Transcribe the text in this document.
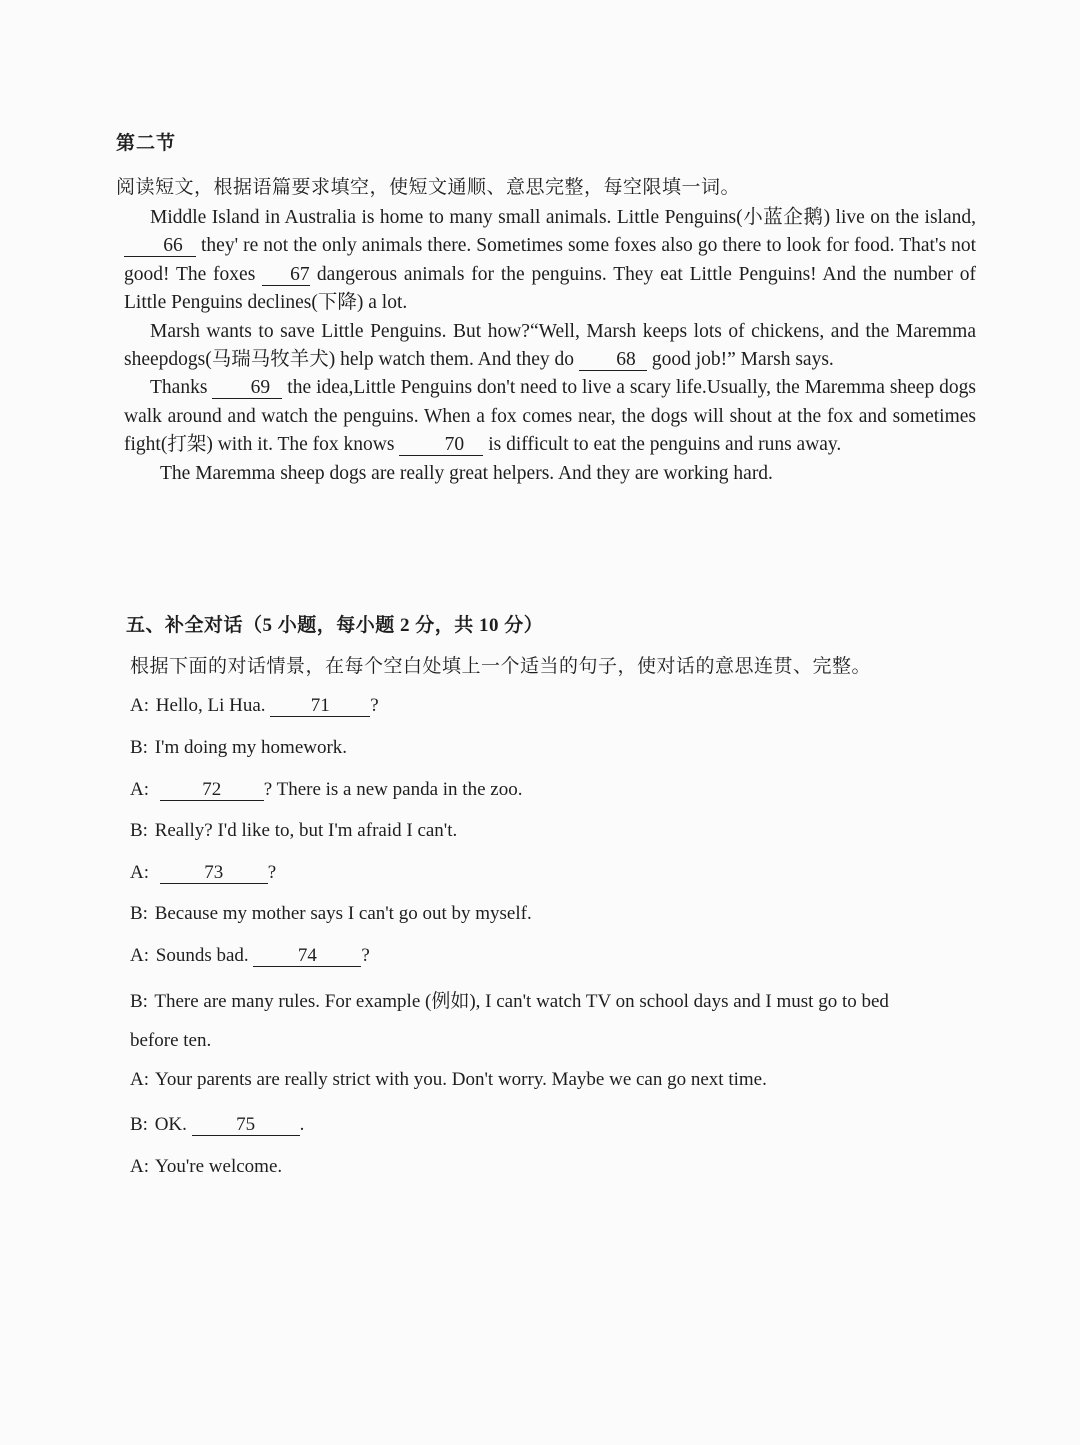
第二节
阅读短文，根据语篇要求填空，使短文通顺、意思完整，每空限填一词。

Middle Island in Australia is home to many small animals. Little Penguins(小蓝企鹅) live on the island, 66 they' re not the only animals there. Sometimes some foxes also go there to look for food. That's not good! The foxes 67 dangerous animals for the penguins. They eat Little Penguins! And the number of Little Penguins declines(下降) a lot.

Marsh wants to save Little Penguins. But how?“Well, Marsh keeps lots of chickens, and the Maremma sheepdogs(马瑞马牧羊犬) help watch them. And they do 68 good job!” Marsh says.

Thanks 69 the idea,Little Penguins don't need to live a scary life.Usually, the Maremma sheep dogs walk around and watch the penguins. When a fox comes near, the dogs will shout at the fox and sometimes fight(打架) with it. The fox knows 70 is difficult to eat the penguins and runs away.

The Maremma sheep dogs are really great helpers. And they are working hard.

五、补全对话（5 小题，每小题 2 分，共 10 分）
根据下面的对话情景，在每个空白处填上一个适当的句子，使对话的意思连贯、完整。
A: Hello, Li Hua. 71 ?
B: I'm doing my homework.
A:	72 ? There is a new panda in the zoo.
B: Really? I'd like to, but I'm afraid I can't.
A:	73 ?
B: Because my mother says I can't go out by myself.
A: Sounds bad. 74 ?
B: There are many rules. For example (例如), I can't watch TV on school days and I must go to bed
before ten.
A: Your parents are really strict with you. Don't worry. Maybe we can go next time.
B: OK. 75 .
A: You're welcome.
